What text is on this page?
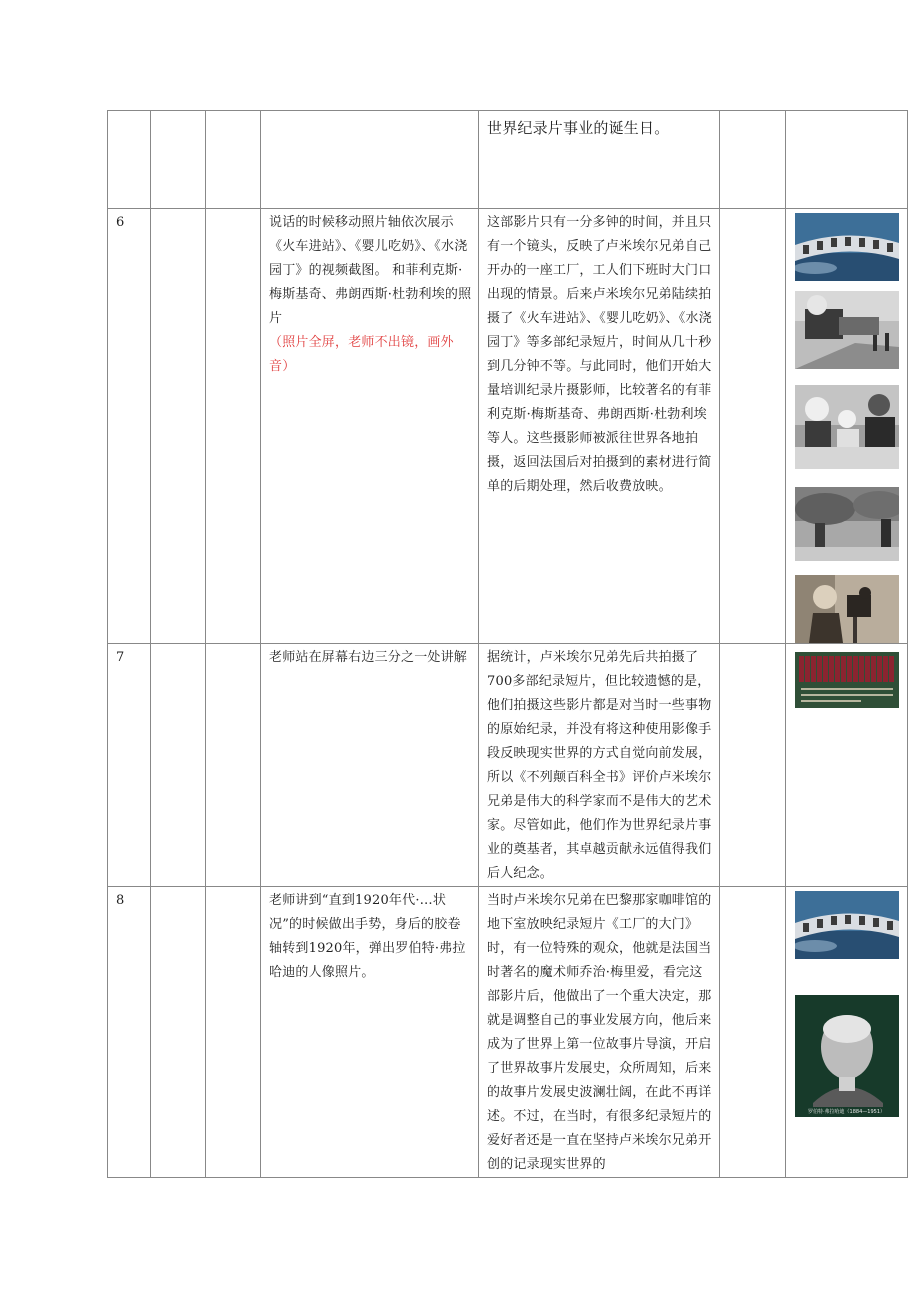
				世界纪录片事业的诞生日。		
6			说话的时候移动照片轴依次展示《火车进站》、《婴儿吃奶》、《水浇园丁》的视频截图。 和菲利克斯·梅斯基奇、弗朗西斯·杜勃利埃的照片
（照片全屏，老师不出镜，画外音）	这部影片只有一分多钟的时间，并且只有一个镜头，反映了卢米埃尔兄弟自己开办的一座工厂，工人们下班时大门口出现的情景。后来卢米埃尔兄弟陆续拍摄了《火车进站》、《婴儿吃奶》、《水浇园丁》等多部纪录短片，时间从几十秒到几分钟不等。与此同时，他们开始大量培训纪录片摄影师，比较著名的有菲利克斯·梅斯基奇、弗朗西斯·杜勃利埃等人。这些摄影师被派往世界各地拍摄，返回法国后对拍摄到的素材进行简单的后期处理，然后收费放映。		

7			老师站在屏幕右边三分之一处讲解	据统计，卢米埃尔兄弟先后共拍摄了700多部纪录短片，但比较遗憾的是，他们拍摄这些影片都是对当时一些事物的原始纪录，并没有将这种使用影像手段反映现实世界的方式自觉向前发展，所以《不列颠百科全书》评价卢米埃尔兄弟是伟大的科学家而不是伟大的艺术家。尽管如此，他们作为世界纪录片事业的奠基者，其卓越贡献永远值得我们后人纪念。		

8			老师讲到“直到1920年代·…状况”的时候做出手势，身后的胶卷轴转到1920年，弹出罗伯特·弗拉哈迪的人像照片。	当时卢米埃尔兄弟在巴黎那家咖啡馆的地下室放映纪录短片《工厂的大门》时，有一位特殊的观众，他就是法国当时著名的魔术师乔治·梅里爱，看完这部影片后，他做出了一个重大决定，那就是调整自己的事业发展方向，他后来成为了世界上第一位故事片导演，开启了世界故事片发展史，众所周知，后来的故事片发展史波澜壮阔，在此不再详述。不过，在当时，有很多纪录短片的爱好者还是一直在坚持卢米埃尔兄弟开创的记录现实世界的		罗伯特·弗拉哈迪（1884—1951）
